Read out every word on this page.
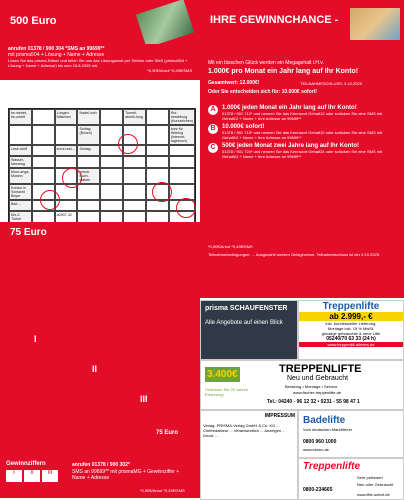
500 Euro
anrufen 01378 / 900 304 *SMS an 99699**
mit prisma504 + Lösung + Name + Adresse
Lösen Sie das prisma-Rätsel und teilen Sie uns das Lösungswort per Telefon oder SMS (prisma504 + Lösung + Name + Adresse) bis zum 15.8.2025 mit.
*0,50€/Anruf *0,49€/SMS
be-wertet, be-urteilt
Lungen-bläschen
Nadel-loch	Tunnel-abküh-lung
Ruf-bestellung (Kurzzeichen)
Schlag (Boxen)
kurz für Weblog (Internet-tagebuch)
Lese-stoff	kreul und ...	Schlag
Wasser-fahrzeug
Moor-anga, Mosinn
griech. Buch-staben
Konsul in Schlacht Boyer
Bad ...
Kfz-Z. Türkei
a0907-32
75 Euro
I
II
III
75 Euro
Gewinnziffern
I	II	III
anrufen 01378 / 900 302*
SMS an 99699** mit prismaMG + Gewinnziffer + Name + Adresse
*0,50€/Anruf *0,49€/SMS
IHRE GEWINNCHANCE -
Mit ein bisschen Glück werden ein Megagehalt i.H.v.
1.000€ pro Monat ein Jahr lang auf Ihr Konto!
Gesamtwert: 12.000€!	TEILNAHMESCHLUSS: 3.10.2025
Oder Sie entscheiden sich für: 10.000€ sofort!
A	1.000€ jeden Monat ein Jahr lang auf Ihr Konto!
01378 / 901 712* und nennen Sie das Kennwort Gehalt12 oder schicken Sie eine SMS mit Gehalt12 + Name + Ihre Adresse an 99699**
B	10.000€ sofort!
01378 / 901 710* und nennen Sie das Kennwort Gehalt10 oder schicken Sie eine SMS mit Gehalt10 + Name + Ihre Adresse an 99699**
C	500€ jeden Monat zwei Jahre lang auf Ihr Konto!
01378 / 901 724* und nennen Sie das Kennwort Gehalt24 oder schicken Sie eine SMS mit Gehalt24 + Name + Ihre Adresse an 99699**
*0,50€/Anruf *0,49€/SMS
Teilnahmebedingungen: ... Ausgezahlt werden Geldgewinne. Teilnahmeschluss ist der 3.10.2025.
prisma SCHAUFENSTER
Alle Angebote auf einen Blick
Treppenlifte
ab 2.999,- €
inkl. bundesweiter Lieferung,
Montage inkl. 19 % MwSt.
günstige gebrauchte & neue Lifte
05240/70 63 33 (24 h)
www.treppenlift-allmers.de
3.400€
Vertrauen Sie 25 Jahren Erfahrung!
TREPPENLIFTE
Neu und Gebraucht
Beratung • Montage • Service
www.fischer-treppenlifte.de
Tel.: 04240 - 96 12 32 • 0231 - 55 98 47 1
IMPRESSUM
Verlag: PRISMA-Verlag GmbH & Co. KG ... Chefredakteur ... Verantwortlich ... Anzeigen ... Druck ...
Badelifte
Vom deutschen Marktführer
0800 960 1000
www.idumo.de
Treppenlifte
Sehr preiswert
Neu oder Gebraucht
0800-234665
www.lifte-sofort.de
